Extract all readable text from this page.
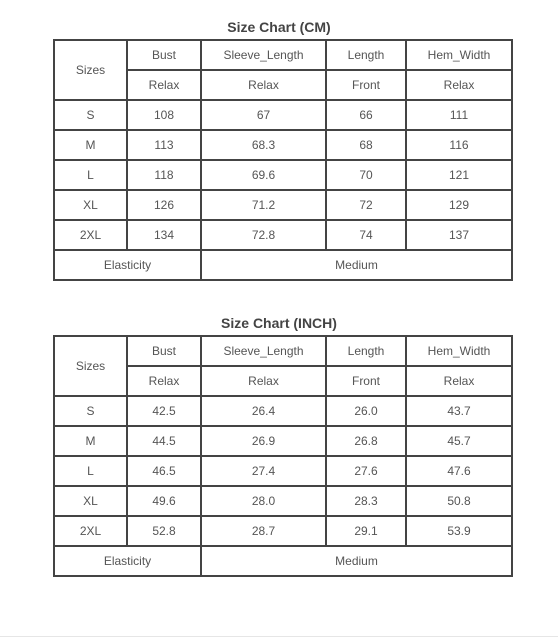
Size Chart (CM)
Sizes	Bust	Sleeve_Length	Length	Hem_Width
	Relax	Relax	Front	Relax
S	108	67	66	111
M	113	68.3	68	116
L	118	69.6	70	121
XL	126	71.2	72	129
2XL	134	72.8	74	137
Elasticity		Medium		
Size Chart (INCH)
Sizes	Bust	Sleeve_Length	Length	Hem_Width
	Relax	Relax	Front	Relax
S	42.5	26.4	26.0	43.7
M	44.5	26.9	26.8	45.7
L	46.5	27.4	27.6	47.6
XL	49.6	28.0	28.3	50.8
2XL	52.8	28.7	29.1	53.9
Elasticity		Medium		
